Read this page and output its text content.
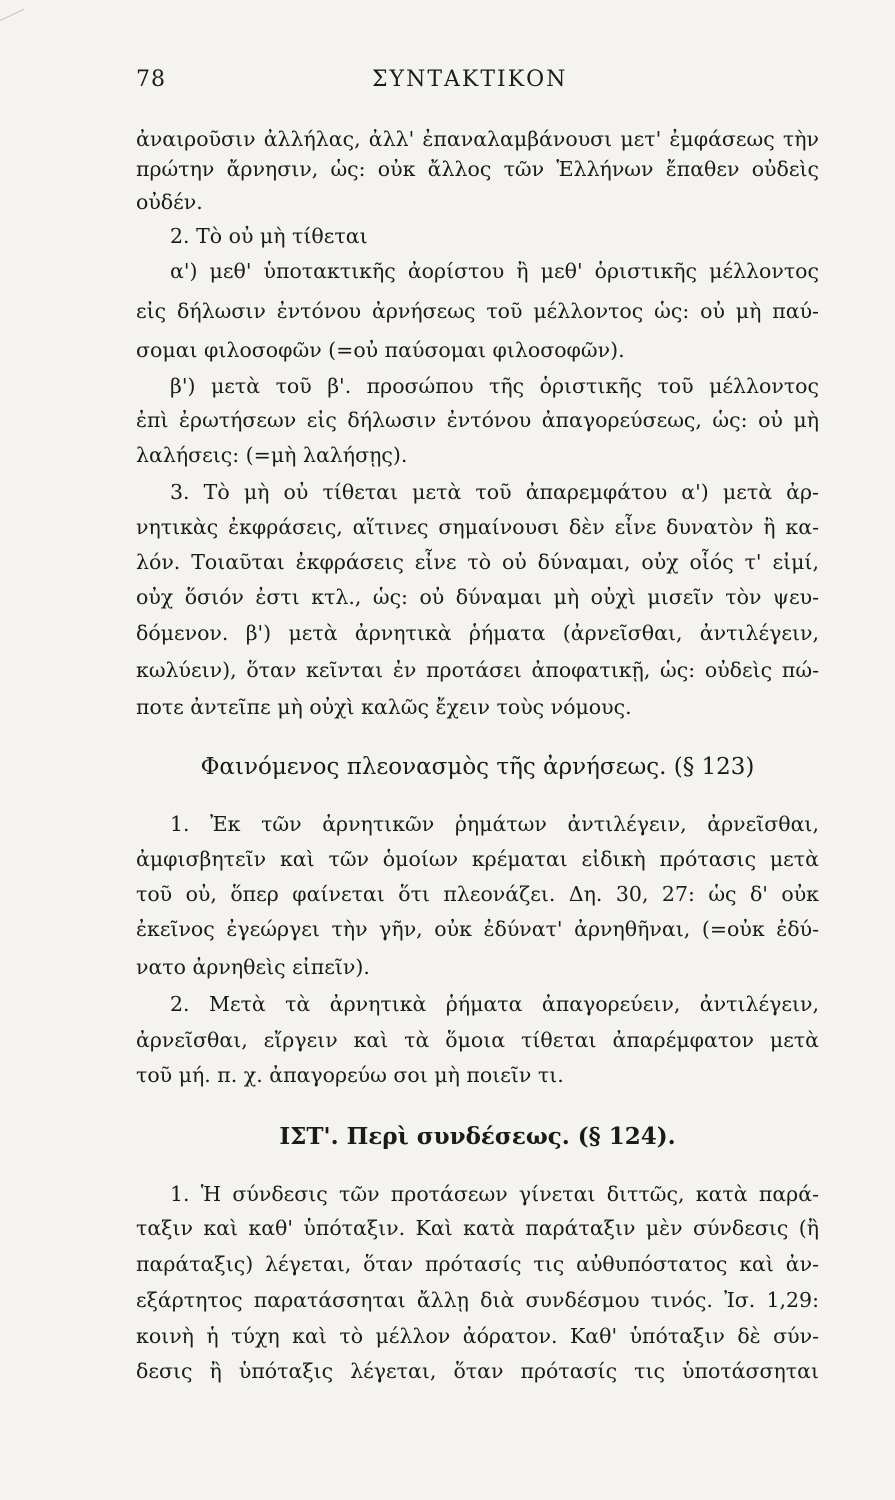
78	ΣΥΝΤΑΚΤΙΚΟΝ
ἀναιροῦσιν ἀλλήλας, ἀλλ' ἐπαναλαμβάνουσι μετ' ἐμφάσεως τὴν
πρώτην ἄρνησιν, ὡς: οὐκ ἄλλος τῶν Ἑλλήνων ἔπαθεν οὐδεὶς
οὐδέν.
2. Τὸ οὐ μὴ τίθεται
α') μεθ' ὑποτακτικῆς ἀορίστου ἢ μεθ' ὁριστικῆς μέλλοντος
εἰς δήλωσιν ἐντόνου ἀρνήσεως τοῦ μέλλοντος ὡς: οὐ μὴ παύ-
σομαι φιλοσοφῶν (=οὐ παύσομαι φιλοσοφῶν).
β') μετὰ τοῦ β'. προσώπου τῆς ὁριστικῆς τοῦ μέλλοντος
ἐπὶ ἐρωτήσεων εἰς δήλωσιν ἐντόνου ἀπαγορεύσεως, ὡς: οὐ μὴ
λαλήσεις: (=μὴ λαλήσῃς).
3. Τὸ μὴ οὐ τίθεται μετὰ τοῦ ἀπαρεμφάτου α') μετὰ ἀρ-
νητικὰς ἐκφράσεις, αἵτινες σημαίνουσι δὲν εἶνε δυνατὸν ἢ κα-
λόν. Τοιαῦται ἐκφράσεις εἶνε τὸ οὐ δύναμαι, οὐχ οἷός τ' εἰμί,
οὐχ ὅσιόν ἐστι κτλ., ὡς: οὐ δύναμαι μὴ οὐχὶ μισεῖν τὸν ψευ-
δόμενον. β') μετὰ ἀρνητικὰ ῥήματα (ἀρνεῖσθαι, ἀντιλέγειν,
κωλύειν), ὅταν κεῖνται ἐν προτάσει ἀποφατικῇ, ὡς: οὐδεὶς πώ-
ποτε ἀντεῖπε μὴ οὐχὶ καλῶς ἔχειν τοὺς νόμους.
Φαινόμενος πλεονασμὸς τῆς ἀρνήσεως. (§ 123)
1. Ἐκ τῶν ἀρνητικῶν ῥημάτων ἀντιλέγειν, ἀρνεῖσθαι,
ἀμφισβητεῖν καὶ τῶν ὁμοίων κρέμαται εἰδικὴ πρότασις μετὰ
τοῦ οὐ, ὅπερ φαίνεται ὅτι πλεονάζει. Δη. 30, 27: ὡς δ' οὐκ
ἐκεῖνος ἐγεώργει τὴν γῆν, οὐκ ἐδύνατ' ἀρνηθῆναι, (=οὐκ ἐδύ-
νατο ἀρνηθεὶς εἰπεῖν).
2. Μετὰ τὰ ἀρνητικὰ ῥήματα ἀπαγορεύειν, ἀντιλέγειν,
ἀρνεῖσθαι, εἴργειν καὶ τὰ ὅμοια τίθεται ἀπαρέμφατον μετὰ
τοῦ μή. π. χ. ἀπαγορεύω σοι μὴ ποιεῖν τι.
ΙΣΤ'. Περὶ συνδέσεως. (§ 124).
1. Ἡ σύνδεσις τῶν προτάσεων γίνεται διττῶς, κατὰ παρά-
ταξιν καὶ καθ' ὑπόταξιν. Καὶ κατὰ παράταξιν μὲν σύνδεσις (ἢ
παράταξις) λέγεται, ὅταν πρότασίς τις αὐθυπόστατος καὶ ἀν-
εξάρτητος παρατάσσηται ἄλλῃ διὰ συνδέσμου τινός. Ἰσ. 1,29:
κοινὴ ἡ τύχη καὶ τὸ μέλλον ἀόρατον. Καθ' ὑπόταξιν δὲ σύν-
δεσις ἢ ὑπόταξις λέγεται, ὅταν πρότασίς τις ὑποτάσσηται
